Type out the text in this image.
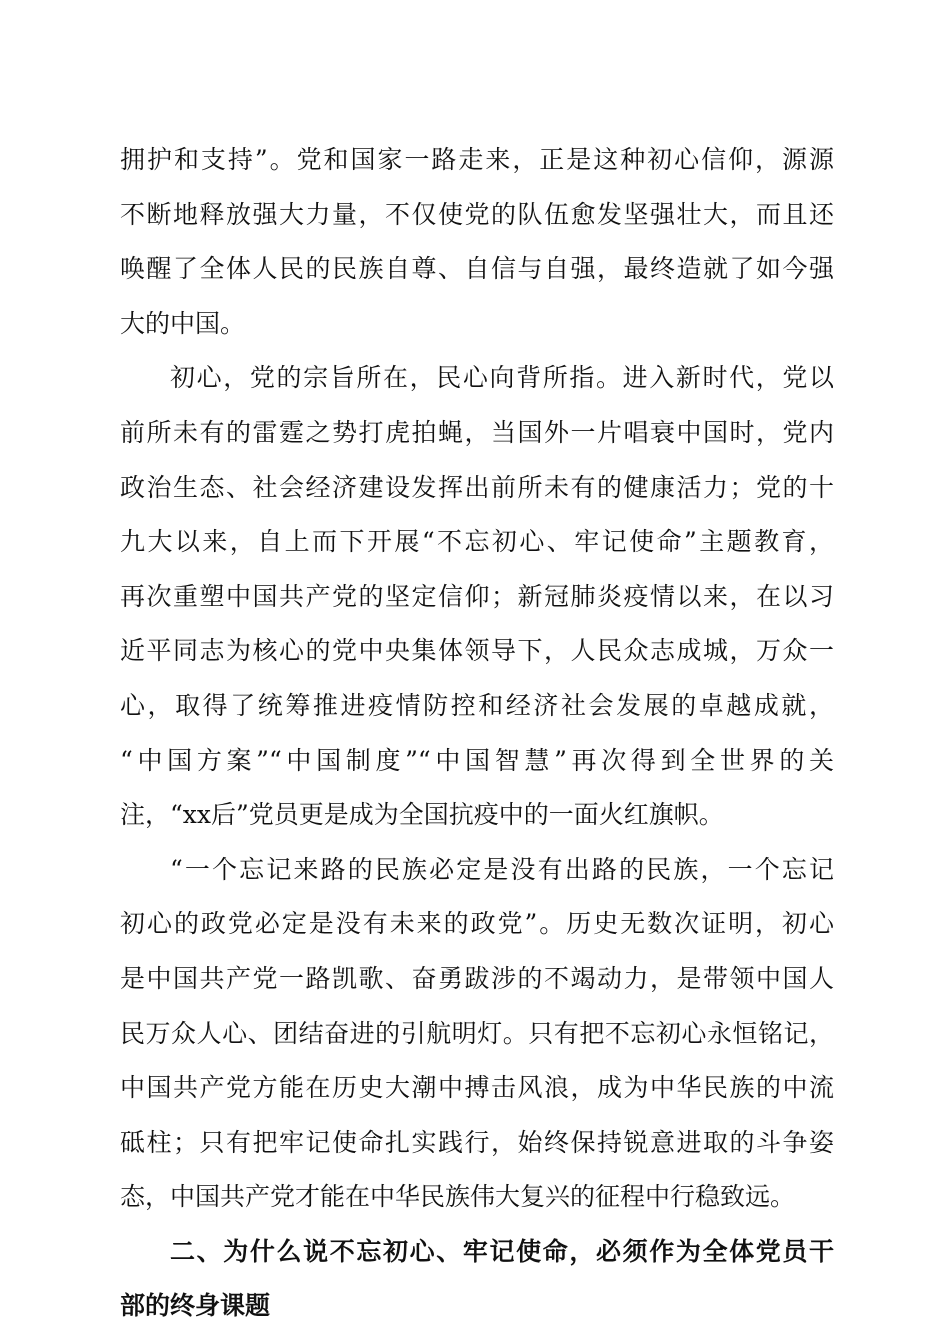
拥护和支持”。党和国家一路走来，正是这种初心信仰，源源
不断地释放强大力量，不仅使党的队伍愈发坚强壮大，而且还
唤醒了全体人民的民族自尊、自信与自强，最终造就了如今强
大的中国。
初心，党的宗旨所在，民心向背所指。进入新时代，党以
前所未有的雷霆之势打虎拍蝇，当国外一片唱衰中国时，党内
政治生态、社会经济建设发挥出前所未有的健康活力；党的十
九大以来，自上而下开展“不忘初心、牢记使命”主题教育，
再次重塑中国共产党的坚定信仰；新冠肺炎疫情以来，在以习
近平同志为核心的党中央集体领导下，人民众志成城，万众一
心，取得了统筹推进疫情防控和经济社会发展的卓越成就，
“中国方案”“中国制度”“中国智慧”再次得到全世界的关
注，“xx后”党员更是成为全国抗疫中的一面火红旗帜。
“一个忘记来路的民族必定是没有出路的民族，一个忘记
初心的政党必定是没有未来的政党”。历史无数次证明，初心
是中国共产党一路凯歌、奋勇跋涉的不竭动力，是带领中国人
民万众人心、团结奋进的引航明灯。只有把不忘初心永恒铭记，
中国共产党方能在历史大潮中搏击风浪，成为中华民族的中流
砥柱；只有把牢记使命扎实践行，始终保持锐意进取的斗争姿
态，中国共产党才能在中华民族伟大复兴的征程中行稳致远。
二、为什么说不忘初心、牢记使命，必须作为全体党员干
部的终身课题
